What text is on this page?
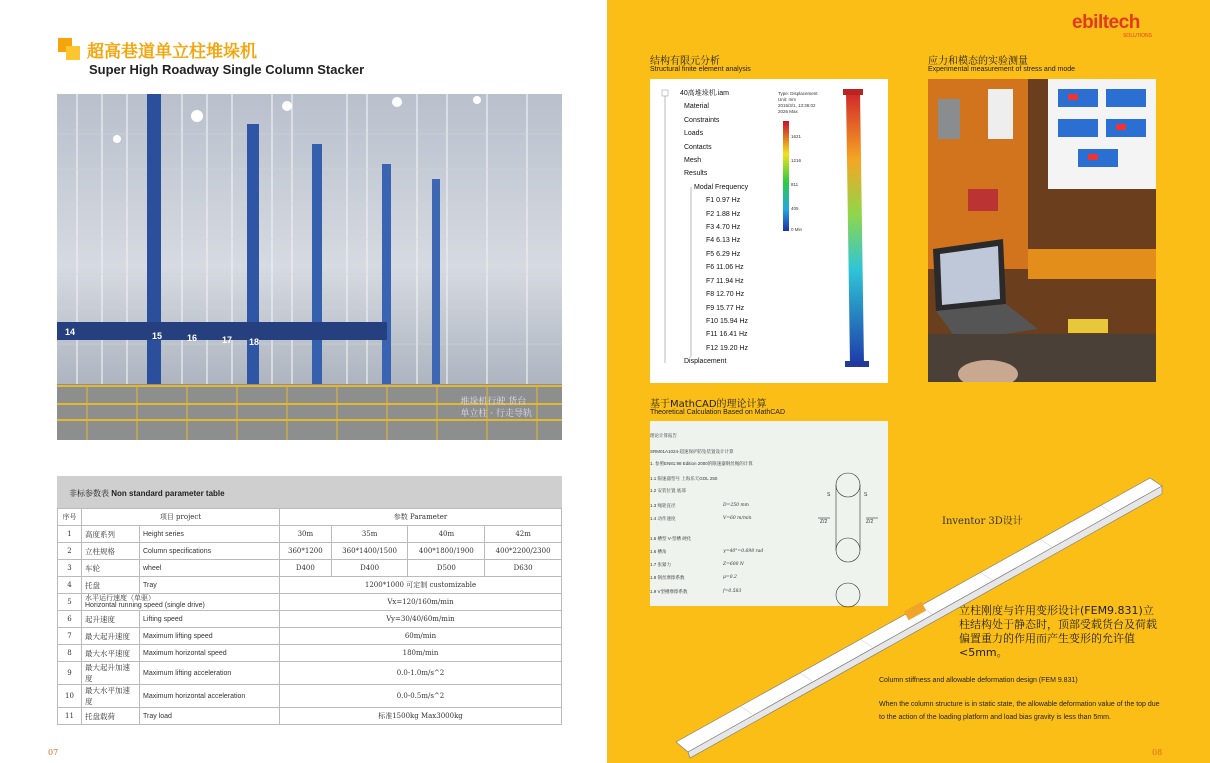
超高巷道单立柱堆垛机
Super High Roadway Single Column Stacker
14	15	16	17 18
堆垛机行驶 货台
单立柱 · 行走导轨
非标参数表 Non standard parameter table
序号	项目 project		参数 Parameter			
1	高度系列	Height series	30m	35m	40m	42m
2	立柱规格	Column specifications	360*1200	360*1400/1500	400*1800/1900	400*2200/2300
3	车轮	wheel	D400	D400	D500	D630
4	托盘	Tray	1200*1000 可定制 customizable			
5	水平运行速度（单驱）
Horizontal running speed (single drive)		Vx=120/160m/min			
6	起升速度	Lifting speed	Vy=30/40/60m/min			
7	最大起升速度	Maximum lifting speed	60m/min			
8	最大水平速度	Maximum horizontal speed	180m/min			
9	最大起升加速度	Maximum lifting acceleration	0.0-1.0m/s^2			
10	最大水平加速度	Maximum horizontal acceleration	0.0-0.5m/s^2			
11	托盘载荷	Tray load	标准1500kg Max3000kg			
07
ebiltech
SOLUTIONS
08
结构有限元分析
Structural finite element analysis
应力和模态的实验测量
Experimental measurement of stress and mode
基于MathCAD的理论计算
Theoretical Calculation Based on MathCAD
40高堆垛机.iam
Material
Constraints
Loads
Contacts
Mesh
Results
Modal Frequency
F1 0.97 Hz
F2 1.88 Hz
F3 4.70 Hz
F4 6.13 Hz
F5 6.29 Hz
F6 11.06 Hz
F7 11.94 Hz
F8 12.70 Hz
F9 15.77 Hz
F10 15.94 Hz
F11 16.41 Hz
F12 19.20 Hz
Displacement
Type: Displacement
Unit: mm
2015/3/1, 13:36:02
2026 Max
1621
1216
811
405
0 Min
理论计算报告
SRM01A1024-超速保护防坠装置设计计算
1. 参照EN81:98 Edition 2000的限速器钢丝绳的计算
1.1 限速器型号 上海乐天GOL 250
1.2 安装位置 底部
1.3 绳轮直径
1.4 动作速度
1.5 槽型 V-型槽 硬化
1.6 槽角
1.7 张紧力
1.8 钢丝摩擦系数
1.9 V型槽摩擦系数
D=250 mm
V=60 m/min
γ=40°=0.698 rad
Z=600 N
μ=0.2
f=0.583
S	S
Z/2	Z/2	Inventor 3D设计
立柱刚度与许用变形设计(FEM9.831)立柱结构处于静态时，顶部受载货台及荷载偏置重力的作用而产生变形的允许值<5mm。
Column stiffness and allowable deformation design (FEM 9.831)
When the column structure is in static state, the allowable deformation value of the top due to the action of the loading platform and load bias gravity is less than 5mm.
